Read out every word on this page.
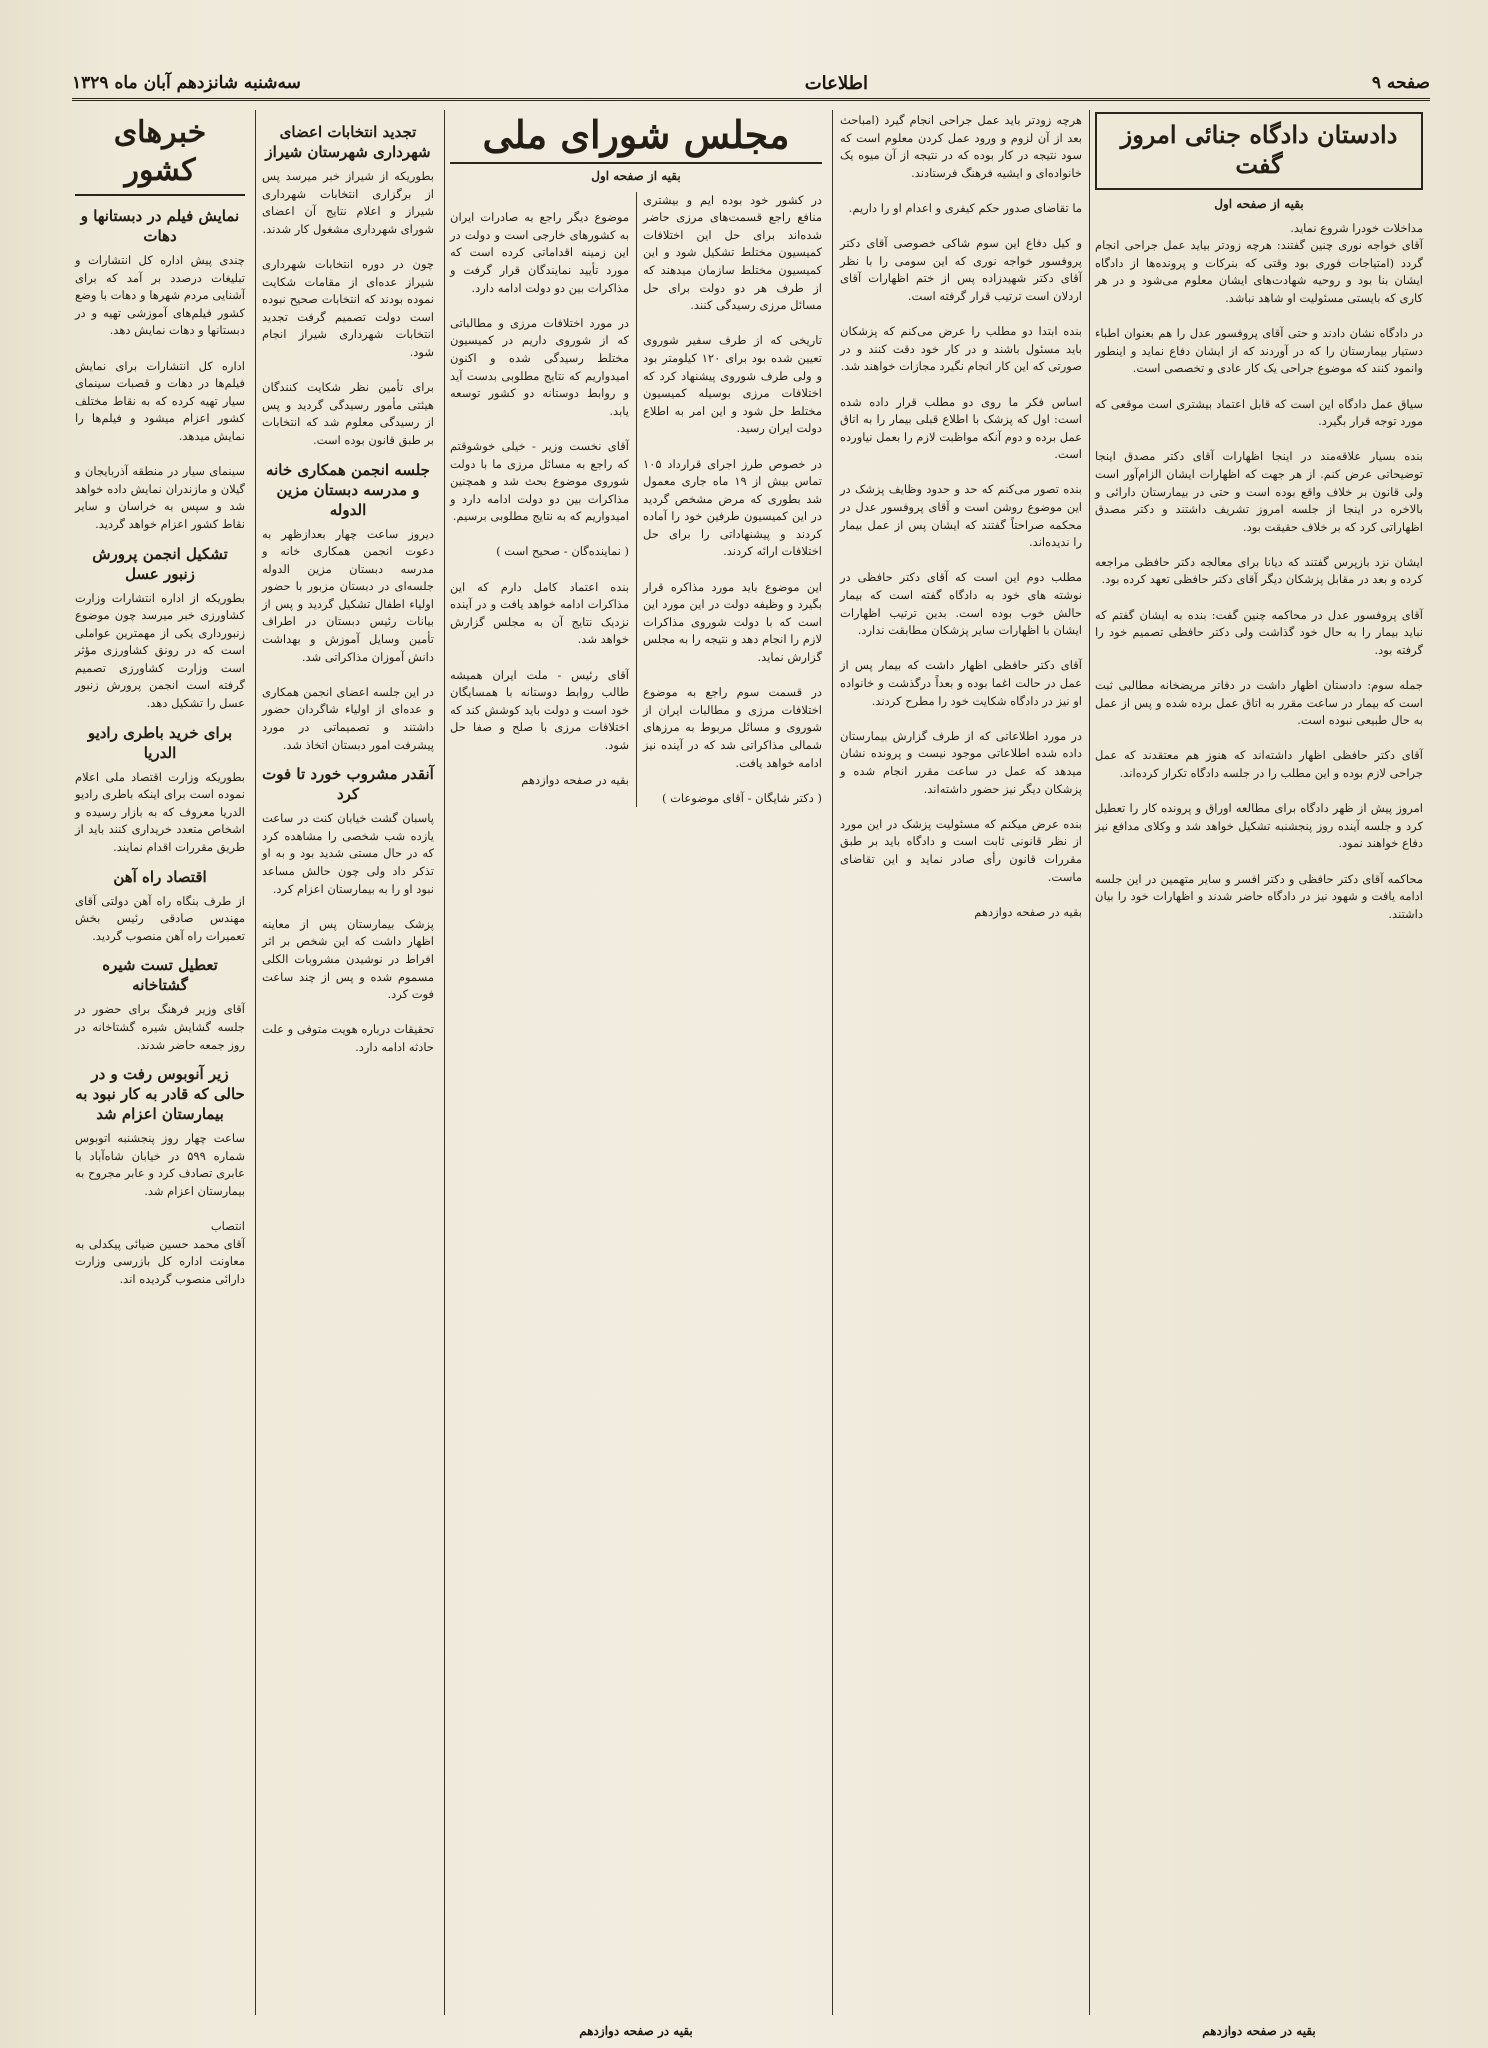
صفحه ۹
اطلاعات
سه‌شنبه شانزدهم آبان ماه ۱۳۲۹
دادستان دادگاه جنائی امروز گفت
بقیه از صفحه اول
مداخلات خودرا شروع نماید.
آقای خواجه نوری چنین گفتند: هرچه زودتر بیاید عمل جراحی انجام گردد (امتیاجات فوری بود وقتی که بنرکات و پرونده‌ها از دادگاه ایشان بنا بود و روحیه شهادت‌های ایشان معلوم می‌شود و در هر کاری که بایستی مسئولیت او شاهد نباشد.

در دادگاه نشان دادند و حتی آقای پروفسور عدل را هم ‌بعنوان اطباء دستیار بیمارستان را که در آوردند که از ایشان دفاع نماید و اینطور وانمود کنند که موضوع جراحی یک کار عادی و تخصصی است.

سیاق عمل دادگاه این است که قابل اعتماد بیشتری است موقعی که مورد توجه قرار بگیرد.

بنده بسیار علاقه‌مند در اینجا اظهارات آقای دکتر مصدق اینجا توضیحاتی عرض کنم. از هر جهت که اظهارات ایشان الزام‌آور است ولی قانون بر خلاف واقع بوده است و حتی در بیمارستان دارائی و بالاخره در اینجا از جلسه امروز تشریف داشتند و دکتر مصدق اظهاراتی کرد که بر خلاف حقیقت بود.

ایشان نزد بازپرس گفتند که دیانا برای معالجه دکتر حافظی مراجعه کرده و بعد در مقابل پزشکان دیگر آقای دکتر حافظی تعهد کرده بود.

آقای پروفسور عدل در محاکمه چنین گفت: بنده به ایشان گفتم که نباید بیمار را به حال خود گذاشت ولی دکتر حافظی تصمیم خود را گرفته بود.

جمله سوم: دادستان اظهار داشت در دفاتر مریضخانه مطالبی ثبت است که بیمار در ساعت مقرر به اتاق عمل برده شده و پس از عمل به حال طبیعی نبوده است.

آقای دکتر حافظی اظهار داشته‌اند که هنوز هم معتقدند که عمل جراحی لازم بوده و این مطلب را در جلسه دادگاه تکرار کرده‌اند.

امروز پیش از ظهر دادگاه برای مطالعه اوراق و پرونده کار را تعطیل کرد و جلسه آینده روز پنجشنبه تشکیل خواهد شد و وکلای مدافع نیز دفاع خواهند نمود.

محاکمه آقای دکتر حافظی و دکتر افسر و سایر متهمین در این جلسه ادامه یافت و شهود نیز در دادگاه حاضر شدند و اظهارات خود را بیان داشتند.
هرچه زودتر باید عمل جراحی انجام گیرد (امباحث بعد از آن لزوم و ورود عمل کردن معلوم است که سود نتیجه در کار بوده که در نتیجه از آن میوه یک خانواده‌ای و ایشیه فرهنگ فرستادند.

ما تقاضای صدور حکم کیفری و اعدام او را داریم.

و کیل دفاع این سوم شاکی خصوصی آقای دکتر پروفسور خواجه نوری که این سومی را با نظر آقای دکتر شهیدزاده پس از ختم اظهارات آقای اردلان است ترتیب قرار گرفته است.

بنده ابتدا دو مطلب را عرض می‌کنم که پزشکان باید مسئول باشند و در کار خود دقت کنند و در صورتی که این کار انجام نگیرد مجازات خواهند شد.

اساس فکر ما روی دو مطلب قرار داده شده است: اول که پزشک با اطلاع قبلی بیمار را به اتاق عمل برده و دوم آنکه مواظبت لازم را بعمل نیاورده است.

بنده تصور می‌کنم که حد و حدود وظایف پزشک در این موضوع روشن است و آقای پروفسور عدل در محکمه صراحتاً گفتند که ایشان پس از عمل بیمار را ندیده‌اند.

مطلب دوم این است که آقای دکتر حافظی در نوشته های خود به دادگاه گفته است که بیمار حالش خوب بوده است. بدین ترتیب اظهارات ایشان با اظهارات سایر پزشکان مطابقت ندارد.

آقای دکتر حافظی اظهار داشت که بیمار پس از عمل در حالت اغما بوده و بعداً درگذشت و خانواده او نیز در دادگاه شکایت خود را مطرح کردند.

در مورد اطلاعاتی که از طرف گزارش بیمارستان داده شده اطلاعاتی موجود نیست و پرونده نشان میدهد که عمل در ساعت مقرر انجام شده و پزشکان دیگر نیز حضور داشته‌اند.

بنده عرض میکنم که مسئولیت پزشک در این مورد از نظر قانونی ثابت است و دادگاه باید بر طبق مقررات قانون رأی صادر نماید و این تقاضای ماست.

بقیه در صفحه دوازدهم
مجلس شورای ملی
بقیه از صفحه اول
در کشور خود بوده ایم و بیشتری منافع راجع قسمت‌های مرزی حاضر شده‌اند برای حل این اختلافات کمیسیون مختلط تشکیل شود و این کمیسیون مختلط سازمان میدهند که از طرف هر دو دولت برای حل مسائل مرزی رسیدگی کنند.

تاریخی که از طرف سفیر شوروی تعیین شده بود برای ۱۲۰ کیلومتر بود و ولی طرف شوروی پیشنهاد کرد که اختلافات مرزی بوسیله کمیسیون مختلط حل شود و این امر به اطلاع دولت ایران رسید.

در خصوص طرز اجرای قرارداد ۱۰۵ تماس بیش از ۱۹ ماه جاری معمول شد بطوری که مرض مشخص گردید در این کمیسیون طرفین خود را آماده کردند و پیشنهاداتی را برای حل اختلافات ارائه کردند.

این موضوع باید مورد مذاکره قرار بگیرد و وظیفه دولت در این مورد این است که با دولت شوروی مذاکرات لازم را انجام دهد و نتیجه را به مجلس گزارش نماید.

در قسمت سوم راجع به موضوع اختلافات مرزی و مطالبات ایران از شوروی و مسائل مربوط به مرزهای شمالی مذاکراتی شد که در آینده نیز ادامه خواهد یافت.

( دکتر شایگان - آقای موضوعات )

موضوع دیگر راجع به صادرات ایران به کشورهای خارجی است و دولت در این زمینه اقداماتی کرده است که مورد تأیید نمایندگان قرار گرفت و مذاکرات بین دو دولت ادامه دارد.

در مورد اختلافات مرزی و مطالباتی که از شوروی داریم در کمیسیون مختلط رسیدگی شده و اکنون امیدواریم که نتایج مطلوبی بدست آید و روابط دوستانه دو کشور توسعه یابد.

آقای نخست وزیر - خیلی خوشوقتم که راجع به مسائل مرزی ما با دولت شوروی موضوع بحث شد و همچنین مذاکرات بین دو دولت ادامه دارد و امیدواریم که به نتایج مطلوبی برسیم.

( نماینده‌گان - صحیح است )

بنده اعتماد کامل دارم که این مذاکرات ادامه خواهد یافت و در آینده نزدیک نتایج آن به مجلس گزارش خواهد شد.

آقای رئیس - ملت ایران همیشه طالب روابط دوستانه با همسایگان خود است و دولت باید کوشش کند که اختلافات مرزی با صلح و صفا حل شود.

بقیه در صفحه دوازدهم
تجدید انتخابات اعضای شهرداری شهرستان شیراز
بطوریکه از شیراز خبر میرسد پس از برگزاری انتخابات شهرداری شیراز و اعلام نتایج آن اعضای شورای شهرداری مشغول کار شدند.

چون در دوره انتخابات شهرداری شیراز عده‌ای از مقامات شکایت نموده بودند که انتخابات صحیح نبوده است دولت تصمیم گرفت تجدید انتخابات شهرداری شیراز انجام شود.

برای تأمین نظر شکایت کنندگان هیئتی مأمور رسیدگی گردید و پس از رسیدگی معلوم شد که انتخابات بر طبق قانون بوده است.
جلسه انجمن همکاری خانه و مدرسه دبستان مزین الدوله
دیروز ساعت چهار بعدازظهر به دعوت انجمن همکاری خانه و مدرسه دبستان مزین الدوله جلسه‌ای در دبستان مزبور با حضور اولیاء اطفال تشکیل گردید و پس از بیانات رئیس دبستان در اطراف تأمین وسایل آموزش و بهداشت دانش آموزان مذاکراتی شد.

در این جلسه اعضای انجمن همکاری و عده‌ای از اولیاء شاگردان حضور داشتند و تصمیماتی در مورد پیشرفت امور دبستان اتخاذ شد.
آنقدر مشروب خورد تا فوت کرد
پاسبان گشت خیابان کنت در ساعت یازده شب شخصی را مشاهده کرد که در حال مستی شدید بود و به او تذکر داد ولی چون حالش مساعد نبود او را به بیمارستان اعزام کرد.

پزشک بیمارستان پس از معاینه اظهار داشت که این شخص بر اثر افراط در نوشیدن مشروبات الکلی مسموم شده و پس از چند ساعت فوت کرد.

تحقیقات درباره هویت متوفی و علت حادثه ادامه دارد.
خبرهای کشور
نمایش فیلم در دبستانها و دهات
چندی پیش اداره کل انتشارات و تبلیغات درصدد بر آمد که برای آشنایی مردم شهرها و دهات با وضع کشور فیلم‌های آموزشی تهیه و در دبستانها و دهات نمایش دهد.

اداره کل انتشارات برای نمایش فیلم‌ها در دهات و قصبات سینمای سیار تهیه کرده که به نقاط مختلف کشور اعزام میشود و فیلم‌ها را نمایش میدهد.

سینمای سیار در منطقه آذربایجان و گیلان و مازندران نمایش داده خواهد شد و سپس به خراسان و سایر نقاط کشور اعزام خواهد گردید.
تشکیل انجمن پرورش زنبور عسل
بطوریکه از اداره انتشارات وزارت کشاورزی خبر میرسد چون موضوع زنبورداری یکی از مهمترین عواملی است که در رونق کشاورزی مؤثر است وزارت کشاورزی تصمیم گرفته است انجمن پرورش زنبور عسل را تشکیل دهد.
برای خرید باطری رادیو الدریا
بطوریکه وزارت اقتصاد ملی اعلام نموده است برای اینکه باطری رادیو الدریا معروف که به بازار رسیده و اشخاص متعدد خریداری کنند باید از طریق مقررات اقدام نمایند.
اقتصاد راه آهن
از طرف بنگاه راه آهن دولتی آقای مهندس صادقی رئیس بخش تعمیرات راه آهن منصوب گردید.
تعطیل تست شیره گشتاخانه
آقای وزیر فرهنگ برای حضور در جلسه گشایش شیره گشتاخانه در روز جمعه حاضر شدند.
زیر آنوبوس رفت و در حالی که قادر به کار نبود به بیمارستان اعزام شد
ساعت چهار روز پنجشنبه اتوبوس شماره ۵۹۹ در خیابان شاه‌آباد با عابری تصادف کرد و عابر مجروح به بیمارستان اعزام شد.

انتصاب
آقای محمد حسین ضیائی پیکدلی به معاونت اداره کل بازرسی وزارت دارائی منصوب گردیده اند.
بقیه در صفحه دوازدهم
بقیه در صفحه دوازدهم
